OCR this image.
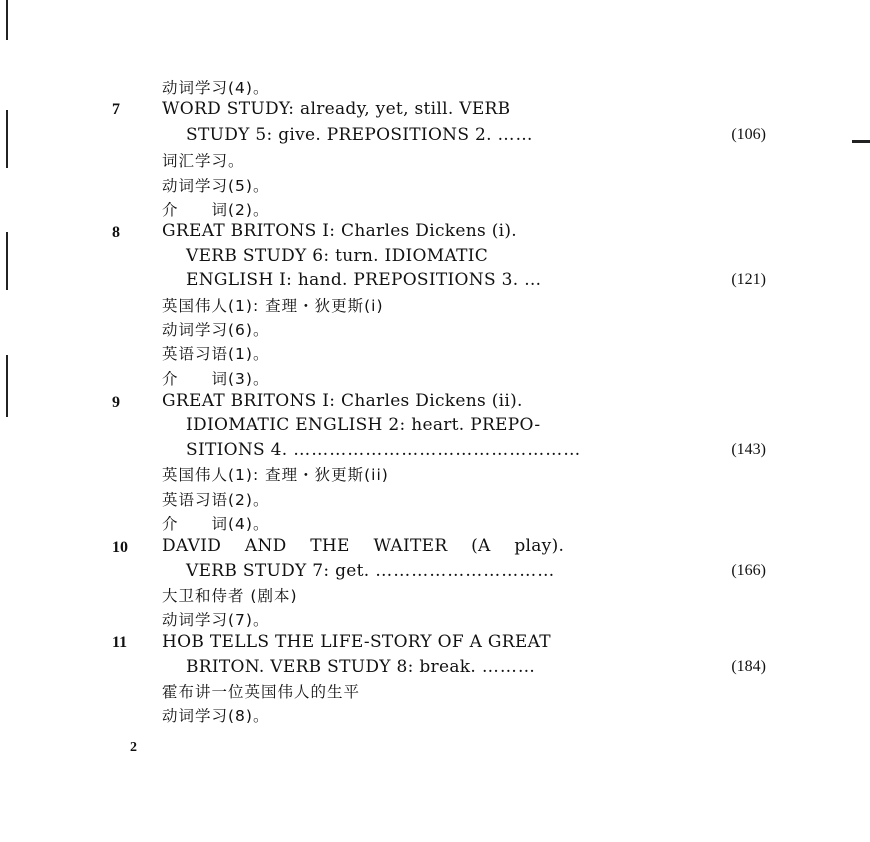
动词学习(4)。
7 WORD STUDY: already, yet, still. VERB
STUDY 5: give. PREPOSITIONS 2. ……	(106)
词汇学习。
动词学习(5)。
介　　词(2)。
8 GREAT BRITONS I: Charles Dickens (i).
VERB STUDY 6: turn. IDIOMATIC
ENGLISH I: hand. PREPOSITIONS 3. …	(121)
英国伟人(1): 查理・狄更斯(i)
动词学习(6)。
英语习语(1)。
介　　词(3)。
9 GREAT BRITONS I: Charles Dickens (ii).
IDIOMATIC ENGLISH 2: heart. PREPO-
SITIONS 4. …………………………………………	(143)
英国伟人(1): 查理・狄更斯(ii)
英语习语(2)。
介　　词(4)。
10 DAVID AND THE WAITER (A play).
VERB STUDY 7: get. …………………………	(166)
大卫和侍者 (剧本)
动词学习(7)。
11 HOB TELLS THE LIFE-STORY OF A GREAT
BRITON. VERB STUDY 8: break. ………	(184)
霍布讲一位英国伟人的生平
动词学习(8)。
2
